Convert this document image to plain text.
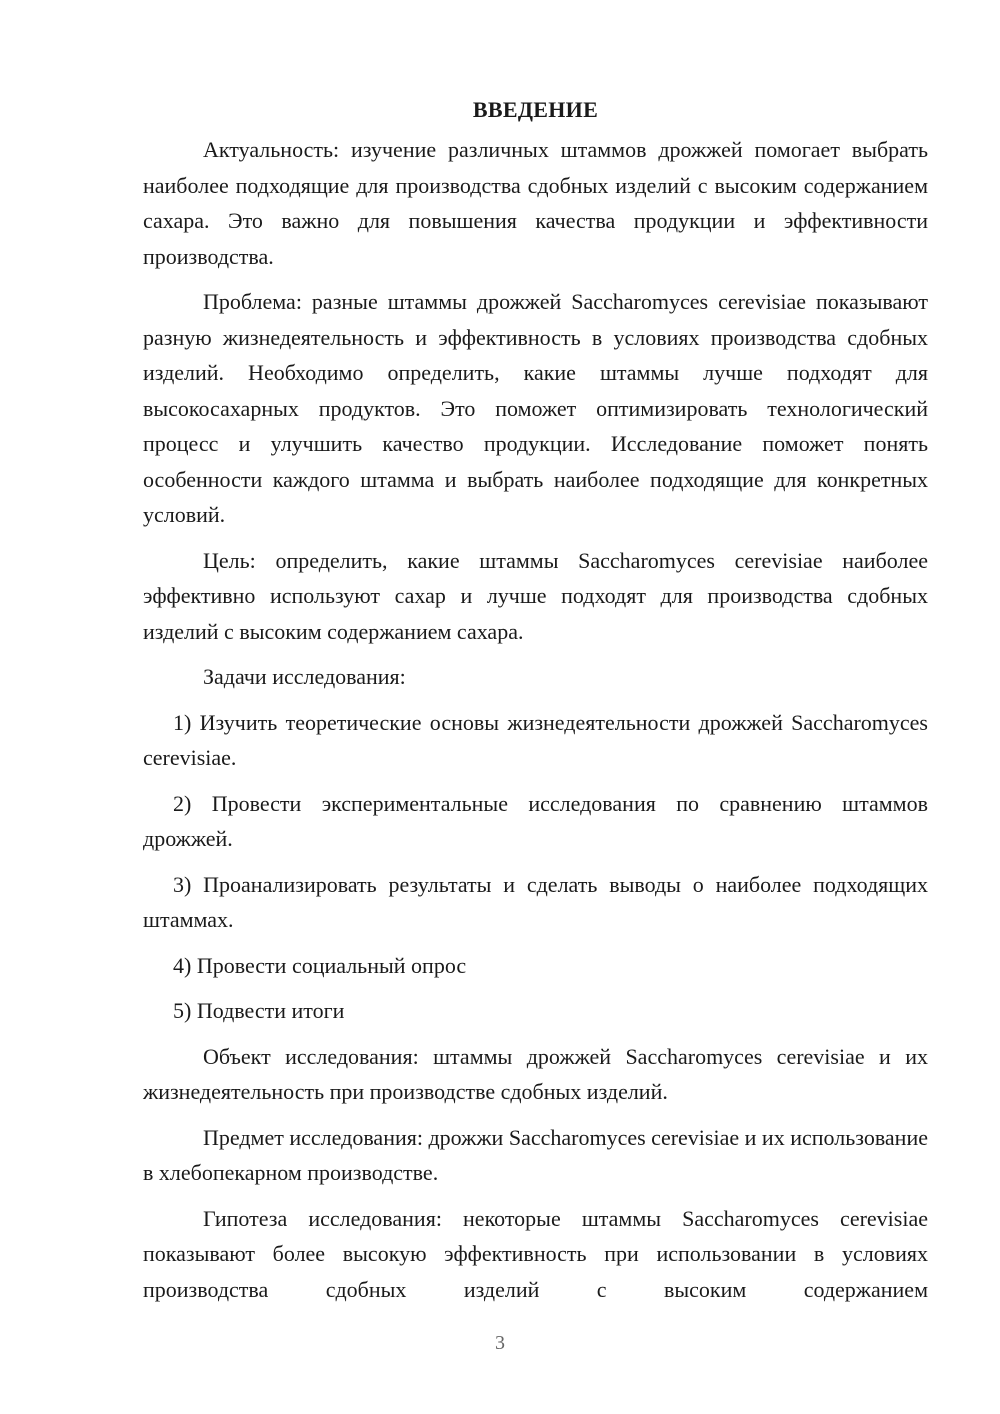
ВВЕДЕНИЕ

Актуальность: изучение различных штаммов дрожжей помогает выбрать наиболее подходящие для производства сдобных изделий с высоким содержанием сахара. Это важно для повышения качества продукции и эффективности производства.

Проблема: разные штаммы дрожжей Saccharomyces cerevisiae показывают разную жизнедеятельность и эффективность в условиях производства сдобных изделий. Необходимо определить, какие штаммы лучше подходят для высокосахарных продуктов. Это поможет оптимизировать технологический процесс и улучшить качество продукции. Исследование поможет понять особенности каждого штамма и выбрать наиболее подходящие для конкретных условий.

Цель: определить, какие штаммы Saccharomyces cerevisiae наиболее эффективно используют сахар и лучше подходят для производства сдобных изделий с высоким содержанием сахара.

Задачи исследования:

1) Изучить теоретические основы жизнедеятельности дрожжей Saccharomyces cerevisiae.

2) Провести экспериментальные исследования по сравнению штаммов дрожжей.

3) Проанализировать результаты и сделать выводы о наиболее подходящих штаммах.

4) Провести социальный опрос

5) Подвести итоги

Объект исследования: штаммы дрожжей Saccharomyces cerevisiae и их жизнедеятельность при производстве сдобных изделий.

Предмет исследования: дрожжи Saccharomyces cerevisiae и их использование в хлебопекарном производстве.

Гипотеза исследования: некоторые штаммы Saccharomyces cerevisiae показывают более высокую эффективность при использовании в условиях производства сдобных изделий с высоким содержанием

3
